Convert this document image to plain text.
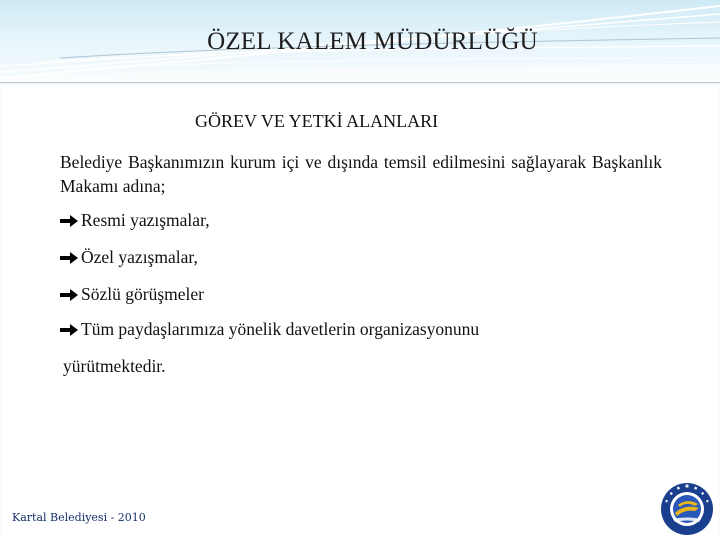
ÖZEL KALEM MÜDÜRLÜĞÜ
GÖREV VE YETKİ ALANLARI
Belediye Başkanımızın kurum içi ve dışında temsil edilmesini sağlayarak Başkanlık Makamı adına;
Resmi yazışmalar,
Özel yazışmalar,
Sözlü görüşmeler
Tüm paydaşlarımıza yönelik davetlerin organizasyonunu
yürütmektedir.
Kartal Belediyesi - 2010
